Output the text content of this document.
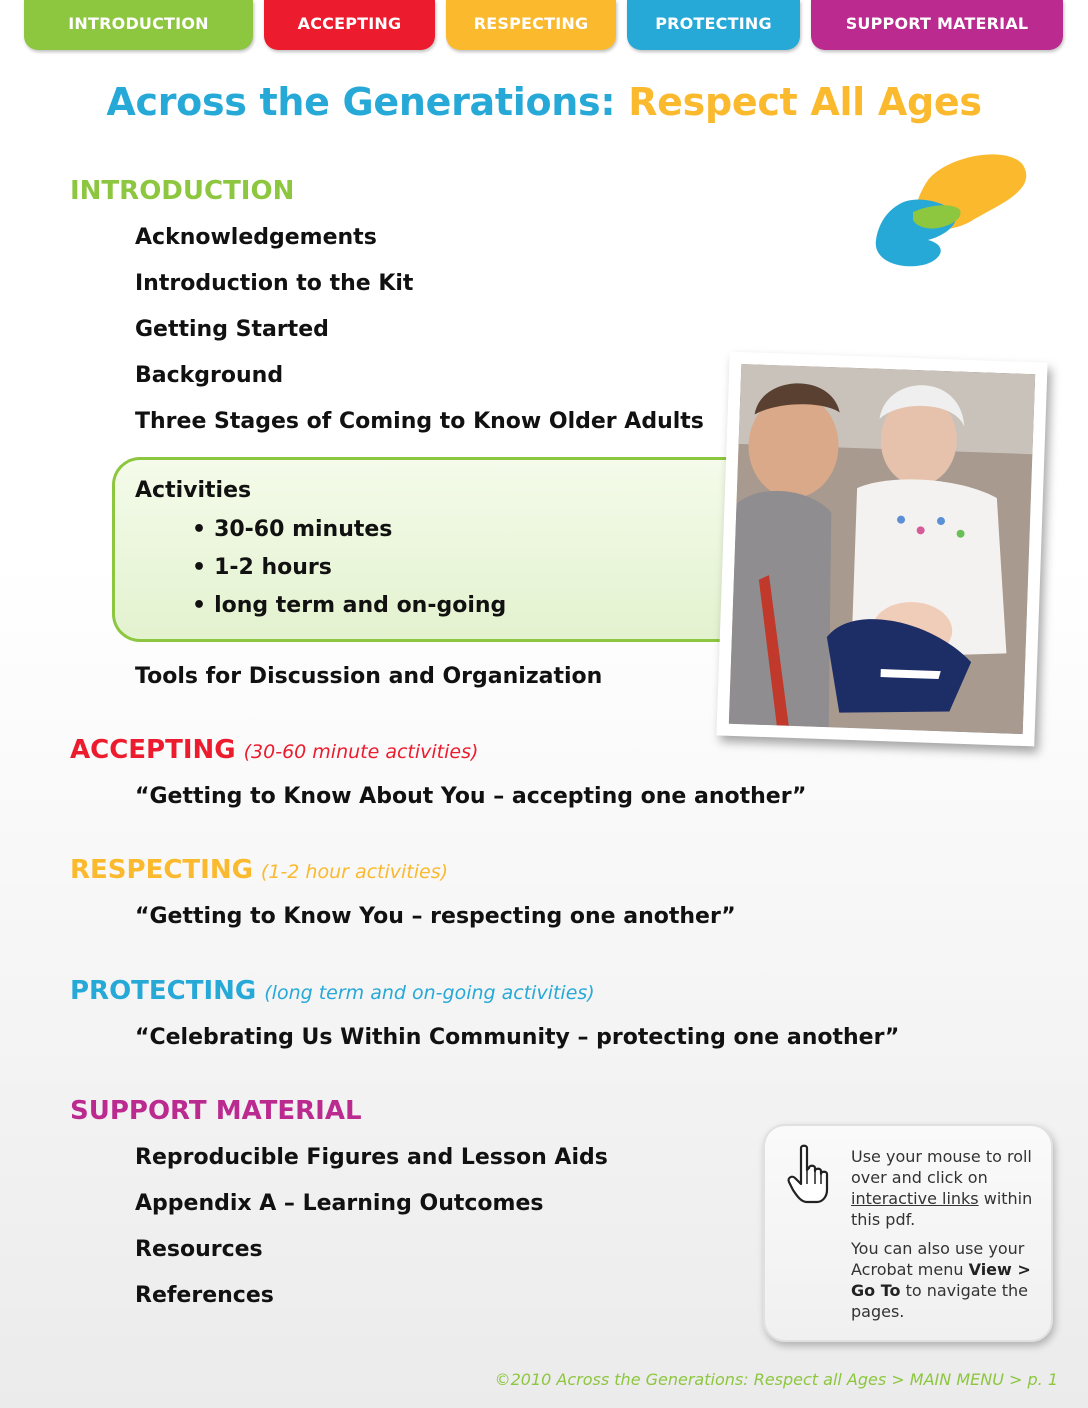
INTRODUCTION	ACCEPTING	RESPECTING	PROTECTING	SUPPORT MATERIAL
Across the Generations: Respect All Ages
INTRODUCTION
Acknowledgements
Introduction to the Kit
Getting Started
Background
Three Stages of Coming to Know Older Adults
Activities
• 30-60 minutes
• 1-2 hours
• long term and on-going
Tools for Discussion and Organization
ACCEPTING (30-60 minute activities)
“Getting to Know About You – accepting one another”
RESPECTING (1-2 hour activities)
“Getting to Know You – respecting one another”
PROTECTING (long term and on-going activities)
“Celebrating Us Within Community – protecting one another”
SUPPORT MATERIAL
Reproducible Figures and Lesson Aids
Appendix A – Learning Outcomes
Resources
References

Use your mouse to roll over and click on interactive links within this pdf.

You can also use your Acrobat menu View > Go To to navigate the pages.

©2010 Across the Generations: Respect all Ages > MAIN MENU > p. 1
